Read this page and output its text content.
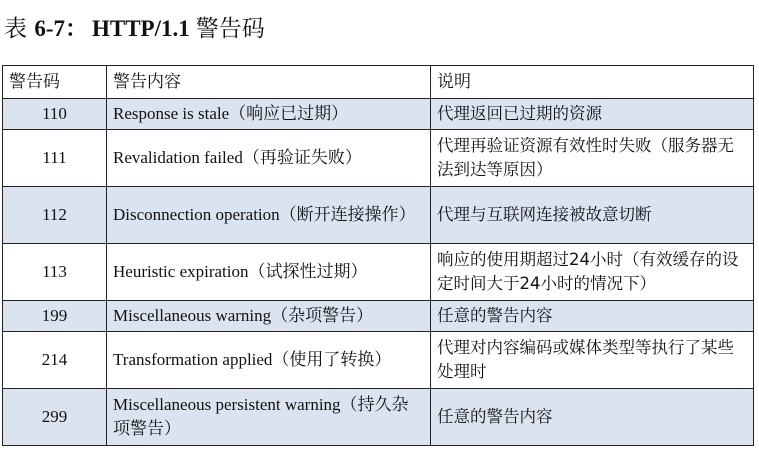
表 6-7： HTTP/1.1 警告码
警告码	警告内容	说明
110	Response is stale（响应已过期）	代理返回已过期的资源
111	Revalidation failed（再验证失败）	代理再验证资源有效性时失败（服务器无法到达等原因）
112	Disconnection operation（断开连接操作）	代理与互联网连接被故意切断
113	Heuristic expiration（试探性过期）	响应的使用期超过24小时（有效缓存的设定时间大于24小时的情况下）
199	Miscellaneous warning（杂项警告）	任意的警告内容
214	Transformation applied（使用了转换）	代理对内容编码或媒体类型等执行了某些处理时
299	Miscellaneous persistent warning（持久杂项警告）	任意的警告内容
